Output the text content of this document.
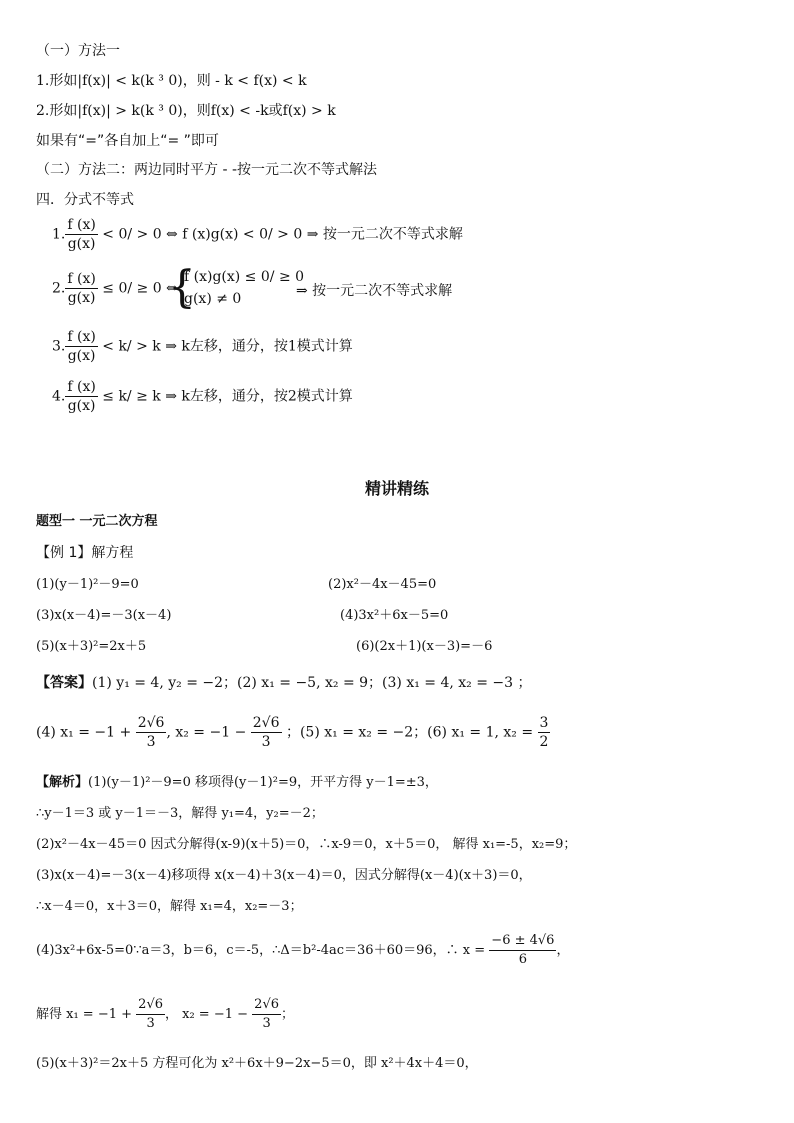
（一）方法一
1.形如|f(x)| < k(k ³ 0)，则 - k < f(x) < k
2.形如|f(x)| > k(k ³ 0)，则f(x) < -k或f(x) > k
如果有“=”各自加上“= ”即可
（二）方法二：两边同时平方 - -按一元二次不等式解法
四．分式不等式
1. $\frac{f (x)}{g(x)} < 0/ > 0$ ⇔ f (x)g(x) < 0/ > 0 ⇒ 按一元二次不等式求解
2. $\frac{f (x)}{g(x)} \le 0/ \ge 0$ ⇔
{
f (x)g(x) ≤ 0/ ≥ 0
g(x) ≠ 0	⇒ 按一元二次不等式求解
3. $\frac{f (x)}{g(x)} < k/ > k$ ⇒ k左移，通分，按1模式计算
4. $\frac{f (x)}{g(x)} \le k/ \ge k$ ⇒ k左移，通分，按2模式计算
精讲精练
题型一 一元二次方程
【例 1】解方程
(1)(y－1)²－9=0	(2)x²－4x－45=0
(3)x(x－4)=－3(x－4)	(4)3x²＋6x－5=0
(5)(x＋3)²=2x＋5	(6)(2x＋1)(x－3)=－6
【答案】(1) y₁ = 4, y₂ = −2；(2) x₁ = −5, x₂ = 9；(3) x₁ = 4, x₂ = −3 ；
(4) $x_1 = -1 + \frac{2√6}{3}$ , $x_2 = -1 - \frac{2√6}{3}$ ；(5) x₁ = x₂ = −2；(6) x₁ = 1, $x_2 = \frac{3}{2}$
【解析】(1)(y－1)²－9=0 移项得(y－1)²=9，开平方得 y－1=±3，
∴y－1＝3 或 y－1＝－3，解得 y₁=4，y₂=－2；
(2)x²－4x－45＝0 因式分解得(x-9)(x＋5)＝0，∴x-9＝0，x＋5＝0， 解得 x₁=-5，x₂=9；
(3)x(x－4)=－3(x－4)移项得 x(x－4)＋3(x－4)＝0，因式分解得(x－4)(x＋3)＝0，
∴x－4＝0，x＋3＝0，解得 x₁=4，x₂=－3；
(4)3x²+6x-5=0∵a＝3，b＝6，c＝-5，∴Δ＝b²-4ac＝36＋60＝96，∴ $x = \frac{-6 \pm 4√6}{6}$ ，
解得 $x_1 = -1 + \frac{2√6}{3}$ ， $x_2 = -1 - \frac{2√6}{3}$ ；
(5)(x＋3)²＝2x＋5 方程可化为 x²＋6x＋9−2x−5＝0，即 x²＋4x＋4＝0，
